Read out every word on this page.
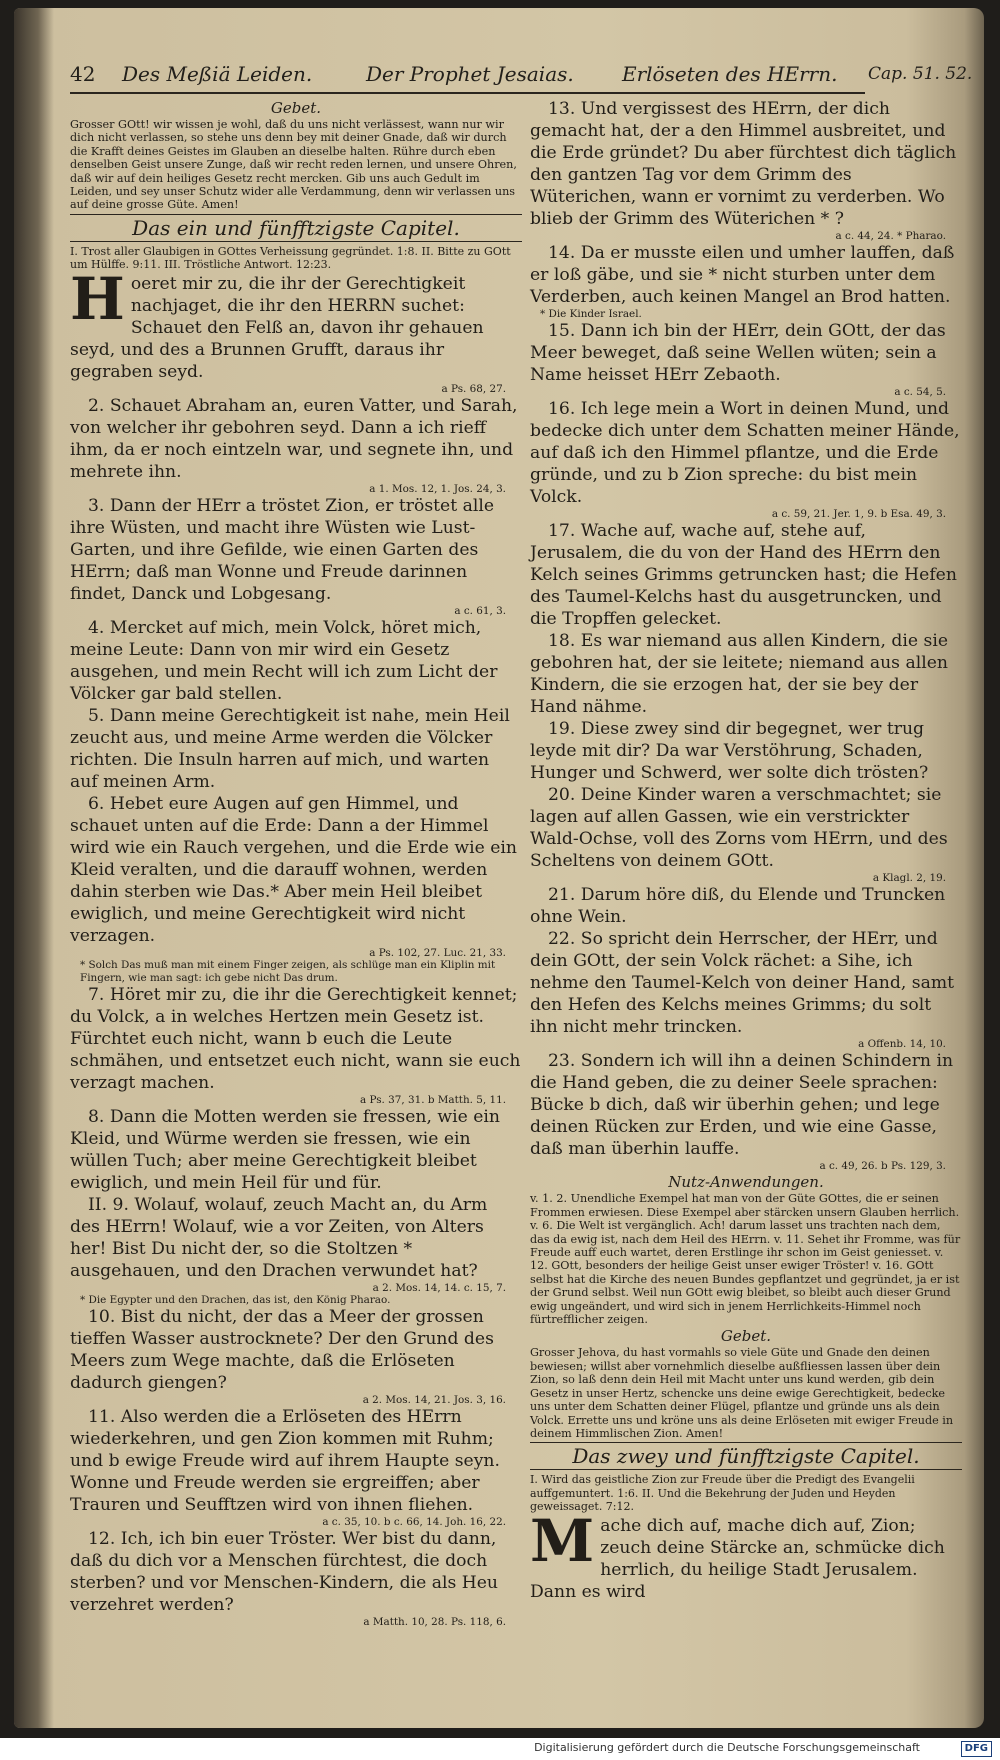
42 Des Meßiä Leiden.	Der Prophet Jesaias. Erlöseten des HErrn. Cap. 51. 52.
Gebet.

Grosser GOtt! wir wissen je wohl, daß du uns nicht verlässest, wann nur wir dich nicht verlassen, so stehe uns denn bey mit deiner Gnade, daß wir durch die Krafft deines Geistes im Glauben an dieselbe halten. Rühre durch eben denselben Geist unsere Zunge, daß wir recht reden lernen, und unsere Ohren, daß wir auf dein heiliges Gesetz recht mercken. Gib uns auch Gedult im Leiden, und sey unser Schutz wider alle Verdammung, denn wir verlassen uns auf deine grosse Güte. Amen!

Das ein und fünfftzigste Capitel.

I. Trost aller Glaubigen in GOttes Verheissung gegründet. 1:8. II. Bitte zu GOtt um Hülffe. 9:11. III. Tröstliche Antwort. 12:23.

H oeret mir zu, die ihr der Gerechtigkeit nachjaget, die ihr den HERRN suchet: Schauet den Felß an, davon ihr gehauen seyd, und des a Brunnen Grufft, daraus ihr gegraben seyd.

a Ps. 68, 27.

2. Schauet Abraham an, euren Vatter, und Sarah, von welcher ihr gebohren seyd. Dann a ich rieff ihm, da er noch eintzeln war, und segnete ihn, und mehrete ihn.

a 1. Mos. 12, 1. Jos. 24, 3.

3. Dann der HErr a tröstet Zion, er tröstet alle ihre Wüsten, und macht ihre Wüsten wie Lust-Garten, und ihre Gefilde, wie einen Garten des HErrn; daß man Wonne und Freude darinnen findet, Danck und Lobgesang.

a c. 61, 3.

4. Mercket auf mich, mein Volck, höret mich, meine Leute: Dann von mir wird ein Gesetz ausgehen, und mein Recht will ich zum Licht der Völcker gar bald stellen.

5. Dann meine Gerechtigkeit ist nahe, mein Heil zeucht aus, und meine Arme werden die Völcker richten. Die Insuln harren auf mich, und warten auf meinen Arm.

6. Hebet eure Augen auf gen Himmel, und schauet unten auf die Erde: Dann a der Himmel wird wie ein Rauch vergehen, und die Erde wie ein Kleid veralten, und die darauff wohnen, werden dahin sterben wie Das.* Aber mein Heil bleibet ewiglich, und meine Gerechtigkeit wird nicht verzagen.

a Ps. 102, 27. Luc. 21, 33.

* Solch Das muß man mit einem Finger zeigen, als schlüge man ein Kliplin mit Fingern, wie man sagt: ich gebe nicht Das drum.

7. Höret mir zu, die ihr die Gerechtigkeit kennet; du Volck, a in welches Hertzen mein Gesetz ist. Fürchtet euch nicht, wann b euch die Leute schmähen, und entsetzet euch nicht, wann sie euch verzagt machen.

a Ps. 37, 31. b Matth. 5, 11.

8. Dann die Motten werden sie fressen, wie ein Kleid, und Würme werden sie fressen, wie ein wüllen Tuch; aber meine Gerechtigkeit bleibet ewiglich, und mein Heil für und für.

II. 9. Wolauf, wolauf, zeuch Macht an, du Arm des HErrn! Wolauf, wie a vor Zeiten, von Alters her! Bist Du nicht der, so die Stoltzen * ausgehauen, und den Drachen verwundet hat?

a 2. Mos. 14, 14. c. 15, 7.

* Die Egypter und den Drachen, das ist, den König Pharao.

10. Bist du nicht, der das a Meer der grossen tieffen Wasser austrocknete? Der den Grund des Meers zum Wege machte, daß die Erlöseten dadurch giengen?

a 2. Mos. 14, 21. Jos. 3, 16.

11. Also werden die a Erlöseten des HErrn wiederkehren, und gen Zion kommen mit Ruhm; und b ewige Freude wird auf ihrem Haupte seyn. Wonne und Freude werden sie ergreiffen; aber Trauren und Seufftzen wird von ihnen fliehen.

a c. 35, 10. b c. 66, 14. Joh. 16, 22.

12. Ich, ich bin euer Tröster. Wer bist du dann, daß du dich vor a Menschen fürchtest, die doch sterben? und vor Menschen-Kindern, die als Heu verzehret werden?

a Matth. 10, 28. Ps. 118, 6.

13. Und vergissest des HErrn, der dich gemacht hat, der a den Himmel ausbreitet, und die Erde gründet? Du aber fürchtest dich täglich den gantzen Tag vor dem Grimm des Wüterichen, wann er vornimt zu verderben. Wo blieb der Grimm des Wüterichen * ?

a c. 44, 24. * Pharao.

14. Da er musste eilen und umher lauffen, daß er loß gäbe, und sie * nicht sturben unter dem Verderben, auch keinen Mangel an Brod hatten.

* Die Kinder Israel.

15. Dann ich bin der HErr, dein GOtt, der das Meer beweget, daß seine Wellen wüten; sein a Name heisset HErr Zebaoth.

a c. 54, 5.

16. Ich lege mein a Wort in deinen Mund, und bedecke dich unter dem Schatten meiner Hände, auf daß ich den Himmel pflantze, und die Erde gründe, und zu b Zion spreche: du bist mein Volck.

a c. 59, 21. Jer. 1, 9. b Esa. 49, 3.

17. Wache auf, wache auf, stehe auf, Jerusalem, die du von der Hand des HErrn den Kelch seines Grimms getruncken hast; die Hefen des Taumel-Kelchs hast du ausgetruncken, und die Tropffen gelecket.

18. Es war niemand aus allen Kindern, die sie gebohren hat, der sie leitete; niemand aus allen Kindern, die sie erzogen hat, der sie bey der Hand nähme.

19. Diese zwey sind dir begegnet, wer trug leyde mit dir? Da war Verstöhrung, Schaden, Hunger und Schwerd, wer solte dich trösten?

20. Deine Kinder waren a verschmachtet; sie lagen auf allen Gassen, wie ein verstrickter Wald-Ochse, voll des Zorns vom HErrn, und des Scheltens von deinem GOtt.

a Klagl. 2, 19.

21. Darum höre diß, du Elende und Truncken ohne Wein.

22. So spricht dein Herrscher, der HErr, und dein GOtt, der sein Volck rächet: a Sihe, ich nehme den Taumel-Kelch von deiner Hand, samt den Hefen des Kelchs meines Grimms; du solt ihn nicht mehr trincken.

a Offenb. 14, 10.

23. Sondern ich will ihn a deinen Schindern in die Hand geben, die zu deiner Seele sprachen: Bücke b dich, daß wir überhin gehen; und lege deinen Rücken zur Erden, und wie eine Gasse, daß man überhin lauffe.

a c. 49, 26. b Ps. 129, 3.

Nutz-Anwendungen.

v. 1. 2. Unendliche Exempel hat man von der Güte GOttes, die er seinen Frommen erwiesen. Diese Exempel aber stärcken unsern Glauben herrlich. v. 6. Die Welt ist vergänglich. Ach! darum lasset uns trachten nach dem, das da ewig ist, nach dem Heil des HErrn. v. 11. Sehet ihr Fromme, was für Freude auff euch wartet, deren Erstlinge ihr schon im Geist geniesset. v. 12. GOtt, besonders der heilige Geist unser ewiger Tröster! v. 16. GOtt selbst hat die Kirche des neuen Bundes gepflantzet und gegründet, ja er ist der Grund selbst. Weil nun GOtt ewig bleibet, so bleibt auch dieser Grund ewig ungeändert, und wird sich in jenem Herrlichkeits-Himmel noch fürtrefflicher zeigen.

Gebet.

Grosser Jehova, du hast vormahls so viele Güte und Gnade den deinen bewiesen; willst aber vornehmlich dieselbe außfliessen lassen über dein Zion, so laß denn dein Heil mit Macht unter uns kund werden, gib dein Gesetz in unser Hertz, schencke uns deine ewige Gerechtigkeit, bedecke uns unter dem Schatten deiner Flügel, pflantze und gründe uns als dein Volck. Errette uns und kröne uns als deine Erlöseten mit ewiger Freude in deinem Himmlischen Zion. Amen!

Das zwey und fünfftzigste Capitel.

I. Wird das geistliche Zion zur Freude über die Predigt des Evangelii auffgemuntert. 1:6. II. Und die Bekehrung der Juden und Heyden geweissaget. 7:12.

M ache dich auf, mache dich auf, Zion; zeuch deine Stärcke an, schmücke dich herrlich, du heilige Stadt Jerusalem. Dann es wird
Digitalisierung gefördert durch die Deutsche Forschungsgemeinschaft	DFG
